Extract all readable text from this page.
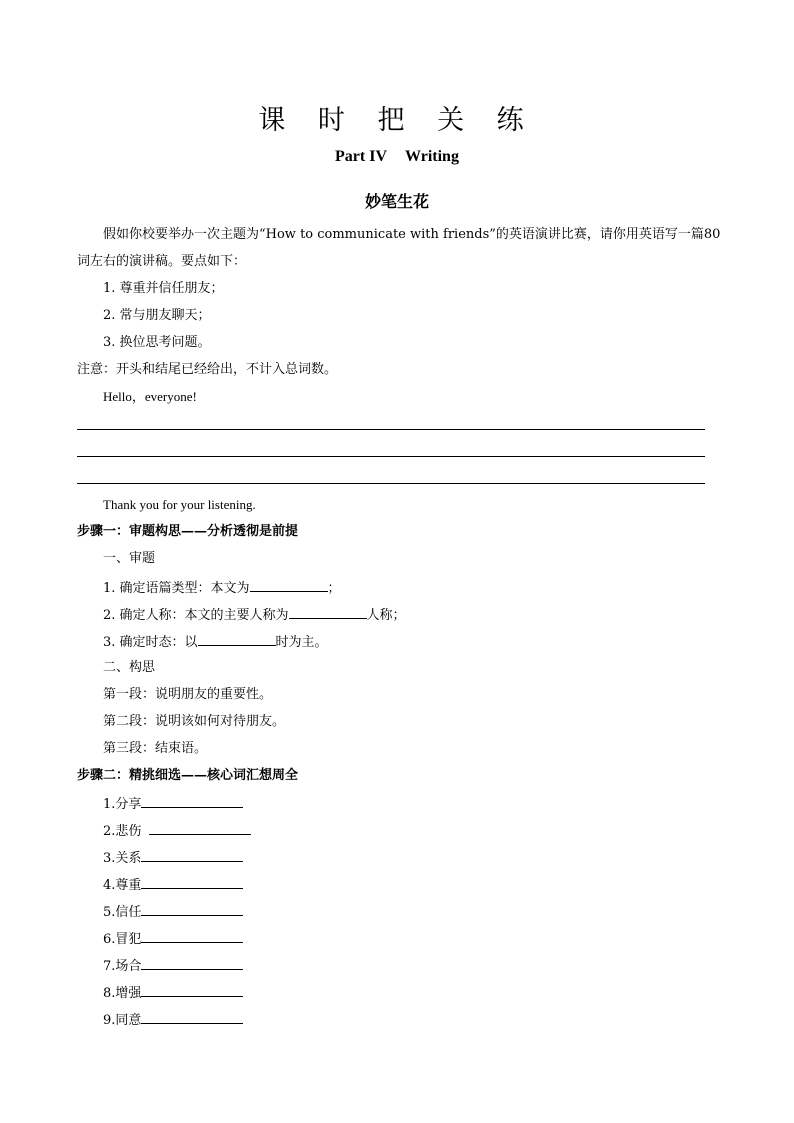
课 时 把 关 练
Part IV Writing
妙笔生花
假如你校要举办一次主题为“How to communicate with friends”的英语演讲比赛，请你用英语写一篇80
词左右的演讲稿。要点如下：
1. 尊重并信任朋友；
2. 常与朋友聊天；
3. 换位思考问题。
注意：开头和结尾已经给出，不计入总词数。
Hello，everyone!
Thank you for your listening.
步骤一：审题构思——分析透彻是前提
一、审题
1. 确定语篇类型：本文为	；
2. 确定人称：本文的主要人称为	人称；
3. 确定时态：以	时为主。
二、构思
第一段：说明朋友的重要性。
第二段：说明该如何对待朋友。
第三段：结束语。
步骤二：精挑细选——核心词汇想周全
1.分享
2.悲伤
3.关系
4.尊重
5.信任
6.冒犯
7.场合
8.增强
9.同意
